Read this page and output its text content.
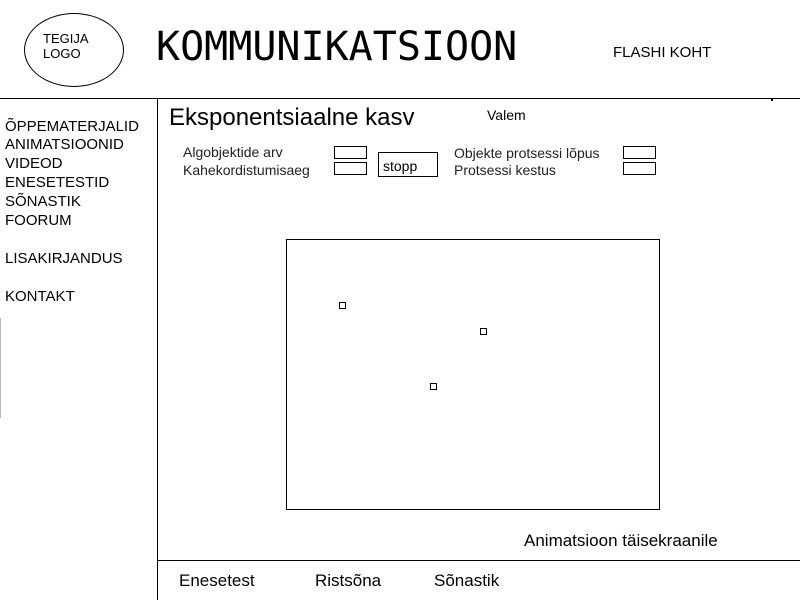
TEGIJA
LOGO KOMMUNIKATSIOON	FLASHI KOHT
ÕPPEMATERJALID
ANIMATSIOONID
VIDEOD
ENESETESTID
SÕNASTIK
FOORUM
LISAKIRJANDUS
KONTAKT
Eksponentsiaalne kasv	Valem
Algobjektide arv
Kahekordistumisaeg	stopp
Objekte protsessi lõpus
Protsessi kestus
Animatsioon täisekraanile
Enesetest	Ristsõna	Sõnastik
